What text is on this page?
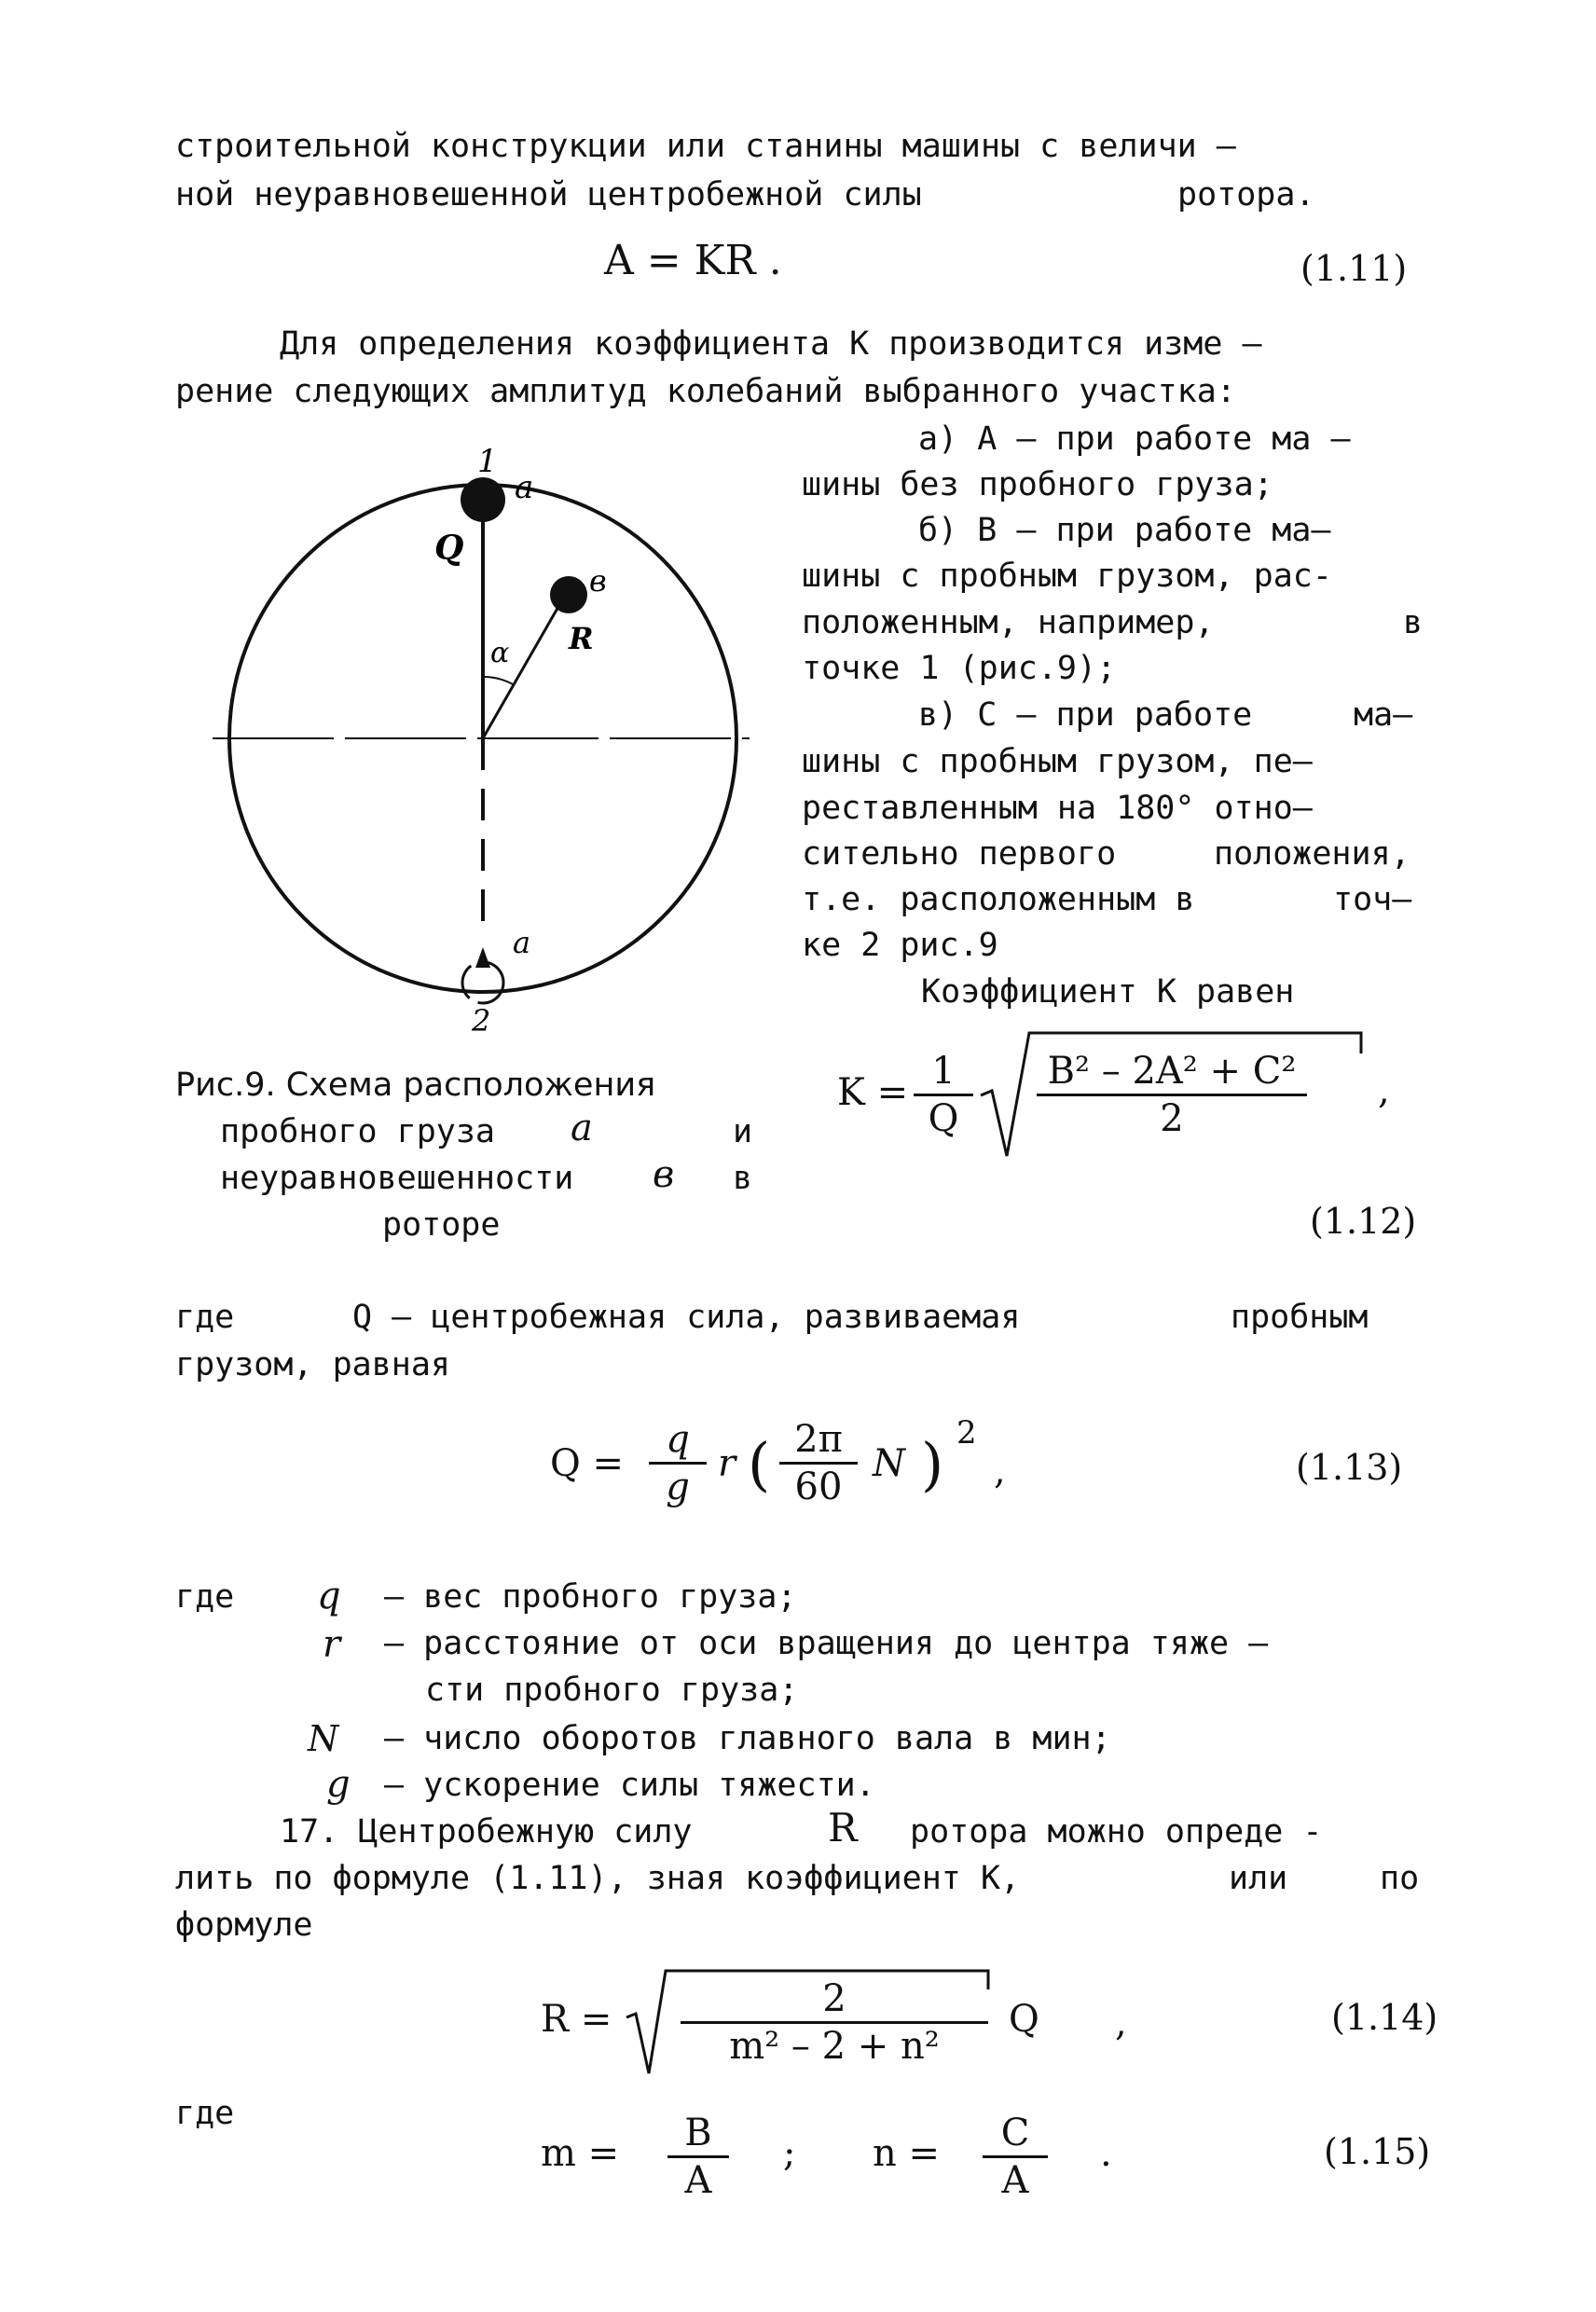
строительной конструкции или станины машины с величи –
ной неуравновешенной центробежной силы	ротора.
A = KR .	(1.11)
Для определения коэффициента K производится изме –
рение следующих амплитуд колебаний выбранного участка:
а) A – при работе ма –
шины без пробного груза;
б) B – при работе ма–
шины с пробным грузом, рас-
положенным, например,	в
точке 1 (рис.9);
в) C – при работе	ма–
шины с пробным грузом, пе–
реставленным на 180° отно–
сительно первого	положения,
т.е. расположенным в	точ–
ке 2 рис.9
Коэффициент K равен
K = 1
Q
B² – 2A² + C²
2
,
(1.12)
1
a
Q
в
R
α
a
2
Рис.9. Схема расположения
пробного груза a	и
неуравновешенности в в
роторе
где	Q – центробежная сила, развиваемая	пробным
грузом, равная
Q =
q
g
r ( 2π
60
N ) 2
,	(1.13)
где q – вес пробного груза;
r – расстояние от оси вращения до центра тяже –
сти пробного груза;
N – число оборотов главного вала в мин;
g – ускорение силы тяжести.
17. Центробежную силу	R ротора можно опреде -
лить по формуле (1.11), зная коэффициент K,	или	по
формуле
R =	2
m² – 2 + n²
Q ,	(1.14)
где
m =	B
A
; n =	C
A
.	(1.15)
